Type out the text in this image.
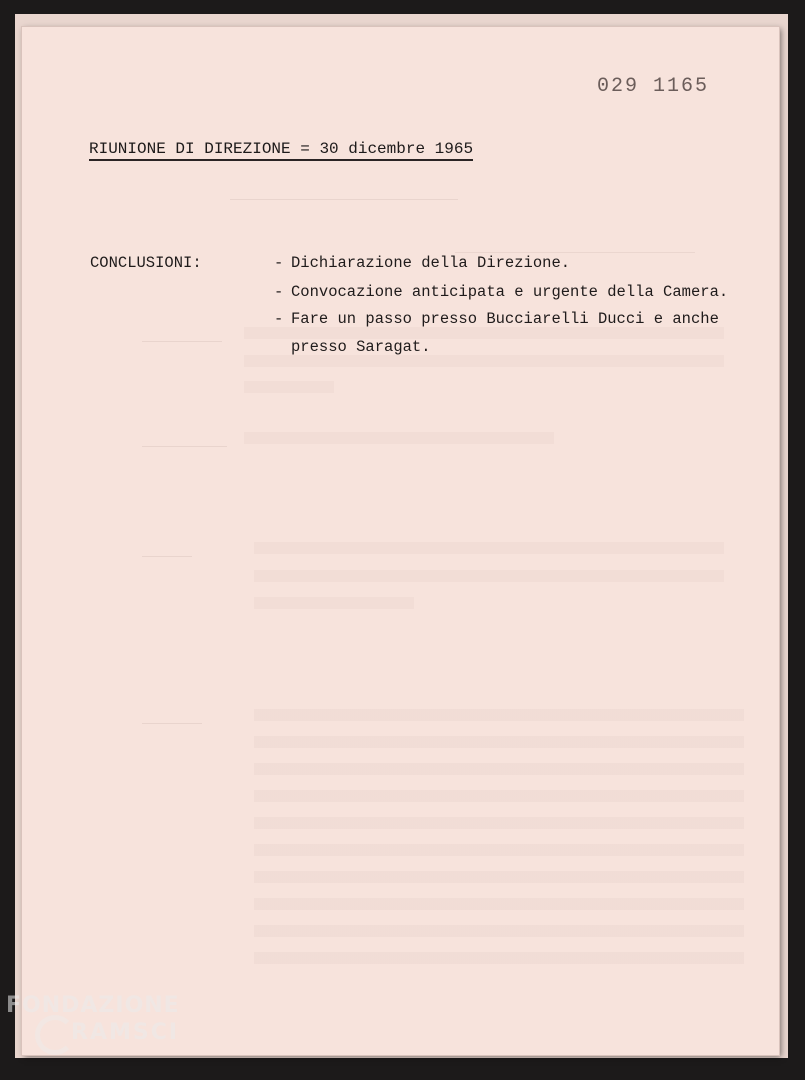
029 1165
RIUNIONE DI DIREZIONE = 30 dicembre 1965
CONCLUSIONI:	- Dichiarazione della Direzione.
- Convocazione anticipata e urgente della Camera.
- Fare un passo presso Bucciarelli Ducci e anche
presso Saragat.
FONDAZIONE
RAMSCI
